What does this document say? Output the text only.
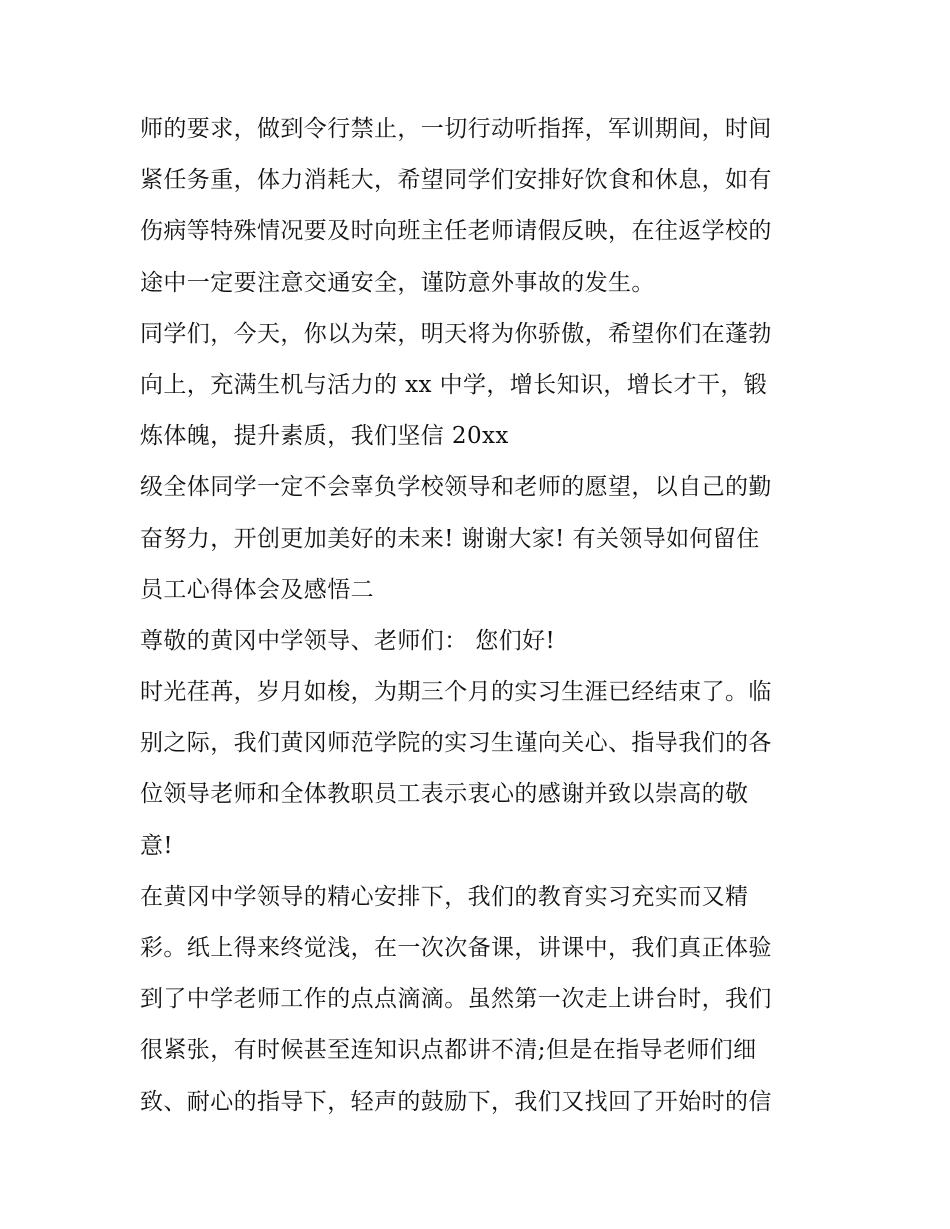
师的要求，做到令行禁止，一切行动听指挥，军训期间，时间
紧任务重，体力消耗大，希望同学们安排好饮食和休息，如有
伤病等特殊情况要及时向班主任老师请假反映，在往返学校的
途中一定要注意交通安全，谨防意外事故的发生。
同学们，今天，你以为荣，明天将为你骄傲，希望你们在蓬勃
向上，充满生机与活力的 xx 中学，增长知识，增长才干，锻
炼体魄，提升素质，我们坚信 20xx
级全体同学一定不会辜负学校领导和老师的愿望，以自己的勤
奋努力，开创更加美好的未来! 谢谢大家! 有关领导如何留住
员工心得体会及感悟二
尊敬的黄冈中学领导、老师们： 您们好!
时光荏苒，岁月如梭，为期三个月的实习生涯已经结束了。临
别之际，我们黄冈师范学院的实习生谨向关心、指导我们的各
位领导老师和全体教职员工表示衷心的感谢并致以崇高的敬
意!
在黄冈中学领导的精心安排下，我们的教育实习充实而又精
彩。纸上得来终觉浅，在一次次备课，讲课中，我们真正体验
到了中学老师工作的点点滴滴。虽然第一次走上讲台时，我们
很紧张，有时候甚至连知识点都讲不清;但是在指导老师们细
致、耐心的指导下，轻声的鼓励下，我们又找回了开始时的信
